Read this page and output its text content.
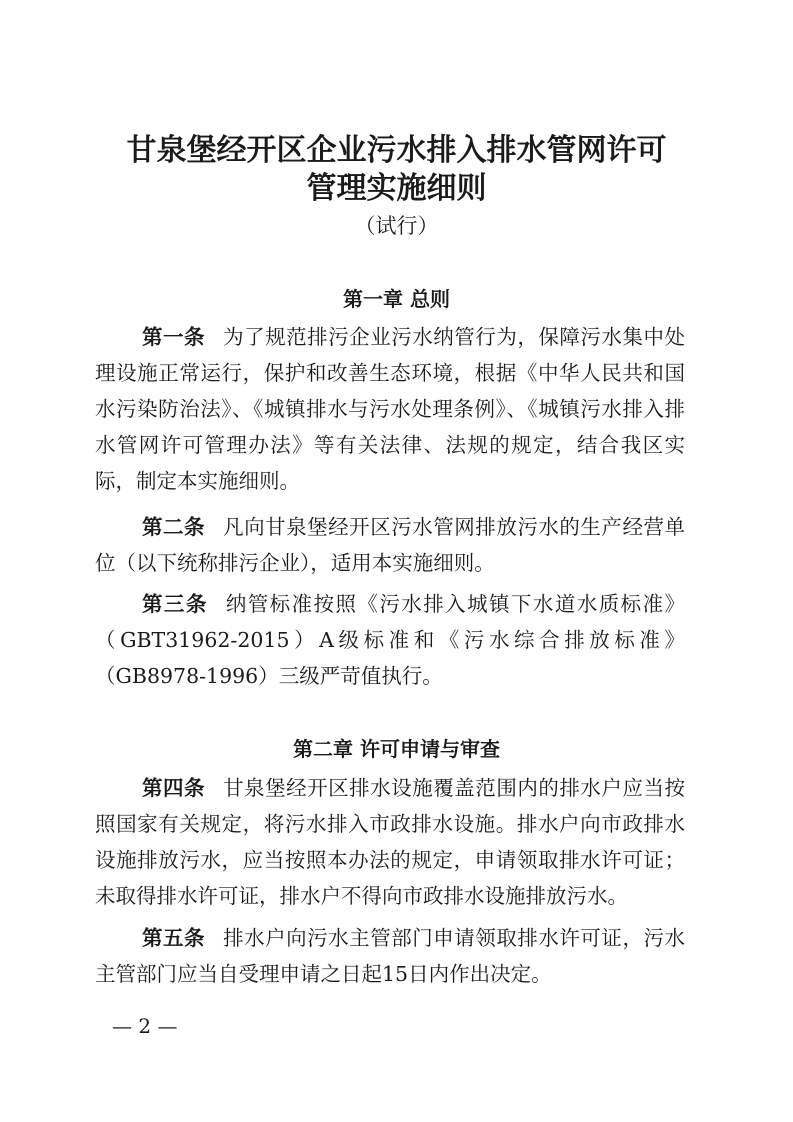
甘泉堡经开区企业污水排入排水管网许可
管理实施细则
（试行）
第一章 总则

第一条 为了规范排污企业污水纳管行为，保障污水集中处理设施正常运行，保护和改善生态环境，根据《中华人民共和国水污染防治法》、《城镇排水与污水处理条例》、《城镇污水排入排水管网许可管理办法》等有关法律、法规的规定，结合我区实际，制定本实施细则。

第二条 凡向甘泉堡经开区污水管网排放污水的生产经营单位（以下统称排污企业），适用本实施细则。

第三条 纳管标准按照《污水排入城镇下水道水质标准》（GBT31962-2015）A级标准和《污水综合排放标准》（GB8978-1996）三级严苛值执行。

第二章 许可申请与审查

第四条 甘泉堡经开区排水设施覆盖范围内的排水户应当按照国家有关规定，将污水排入市政排水设施。排水户向市政排水设施排放污水，应当按照本办法的规定，申请领取排水许可证；未取得排水许可证，排水户不得向市政排水设施排放污水。

第五条 排水户向污水主管部门申请领取排水许可证，污水主管部门应当自受理申请之日起15日内作出决定。

— 2 —
